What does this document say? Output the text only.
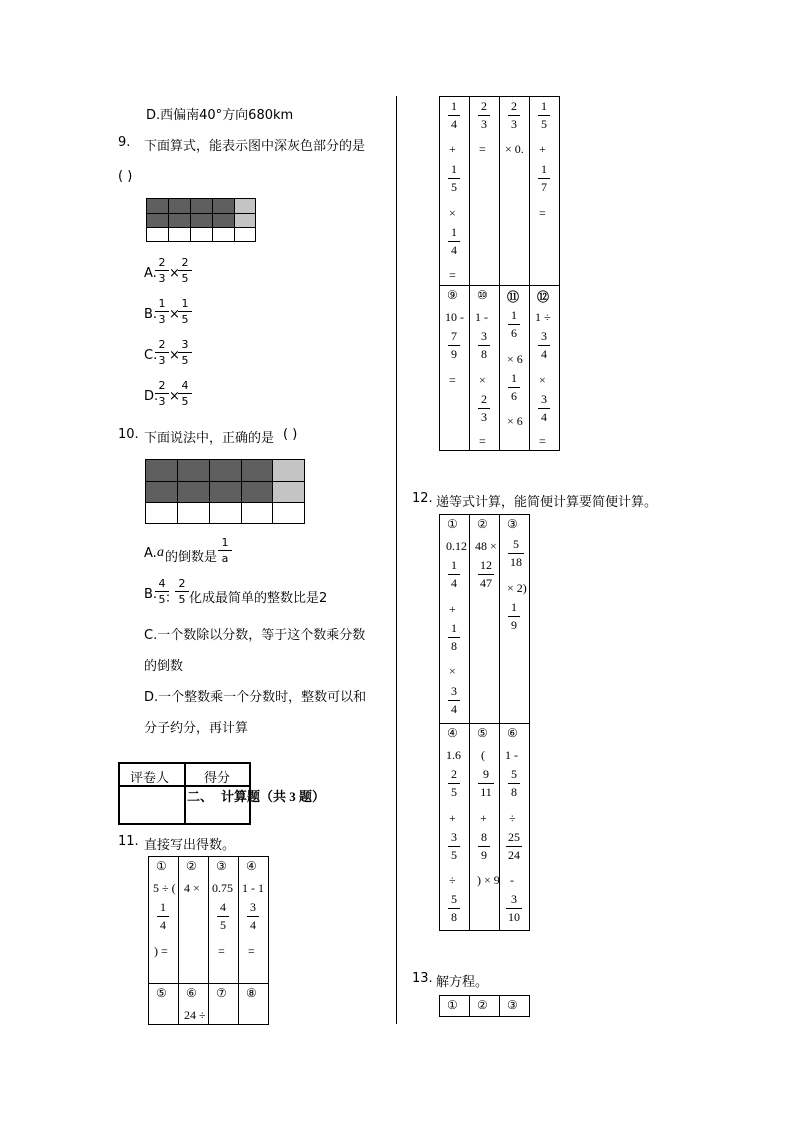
D.西偏南40°方向680km
9. 下面算式，能表示图中深灰色部分的是
( )
A.
2
3 ×
2
5
B.
1
3 ×
1
5
C.
2
3 ×
3
5
D.
2
3 ×
4
5
10. 下面说法中，正确的是 ( )
A. a 的倒数是
1
a
B.
4
5 ：
2
5 化成最简单的整数比是2
C.一个数除以分数，等于这个数乘分数
的倒数
D.一个整数乘一个分数时，整数可以和
分子约分，再计算
评卷人	得分
二、 计算题（共 3 题）
11. 直接写出得数。
① ② ③ ④
5 ÷ ( 4 × 0.75 1 - 1
1
4
) =
4
5
=
3
4
=
⑤ ⑥ ⑦ ⑧
24 ÷
1
4
+
1
5
×
1
4
=
2
3
=
2
3
× 0.
1
5
+
1
7
=
⑨ ⑩ ⑪ ⑫
10 -
7
9
=
1 -
3
8
×
2
3
=
1
6
× 6
1
6
× 6
1 ÷
3
4
×
3
4
=
12. 递等式计算，能简便计算要简便计算。
① ② ③
0.12
1
4
+
1
8
×
3
4
48 ×
12
47
5
18
× 2)
1
9
④ ⑤ ⑥
1.6
2
5
+
3
5
÷
5
8
(
9
11
+
8
9
) × 9
1 -
5
8
÷
25
24
-
3
10
13. 解方程。
① ② ③
